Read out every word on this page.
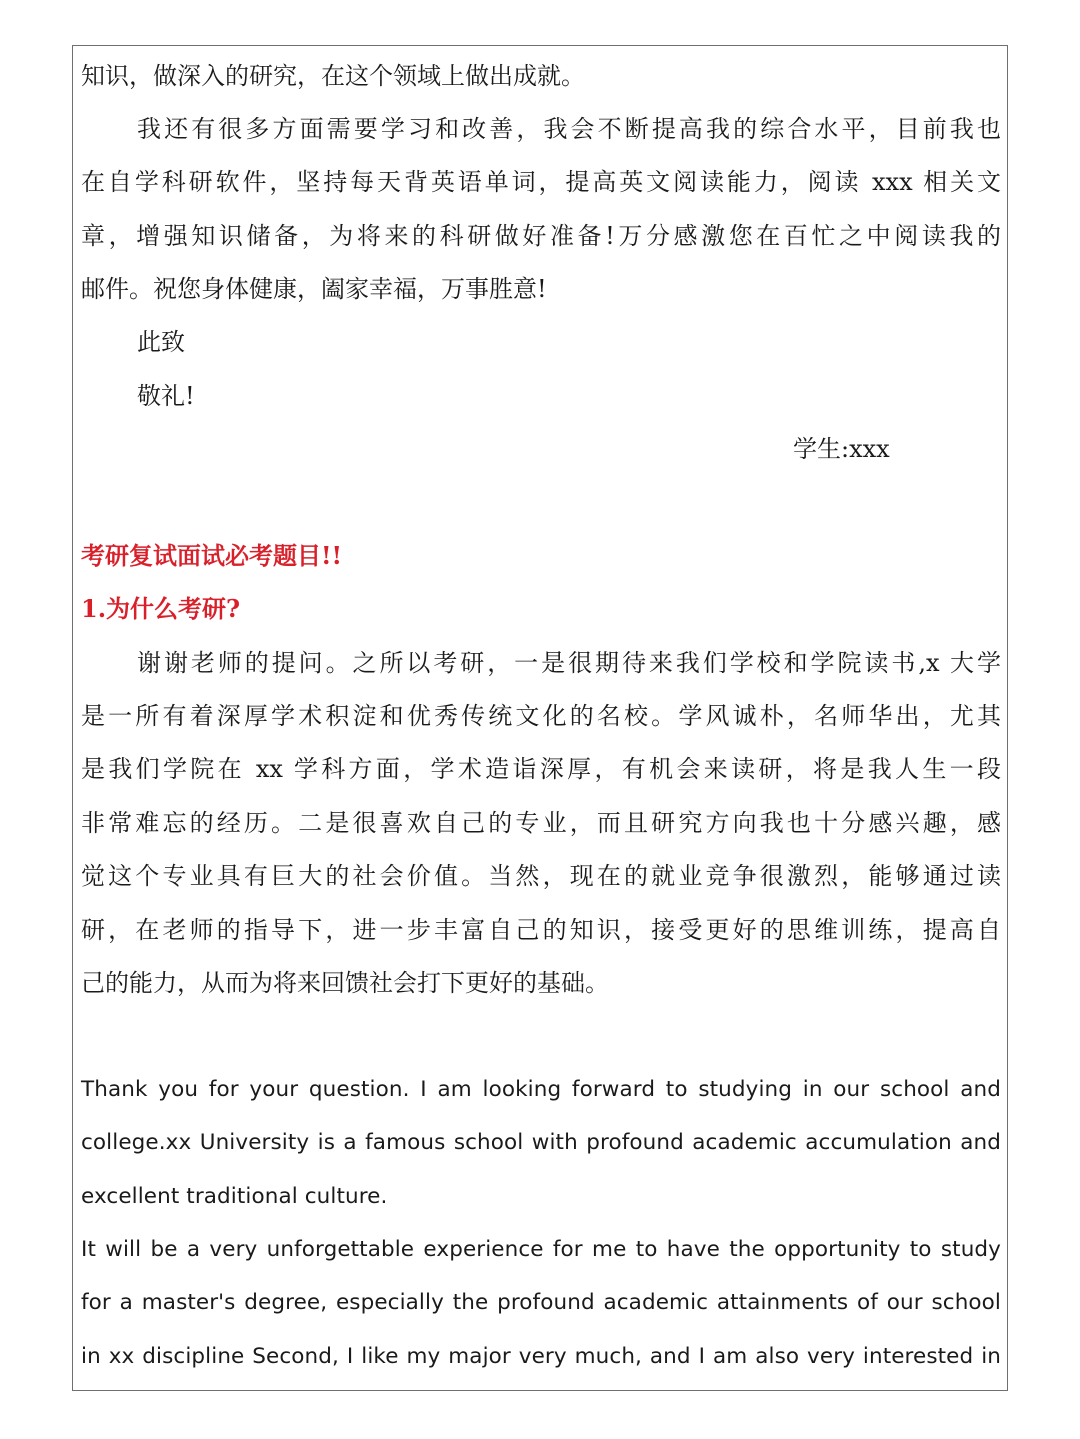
知识，做深入的研究，在这个领域上做出成就。
我还有很多方面需要学习和改善，我会不断提高我的综合水平，目前我也
在自学科研软件，坚持每天背英语单词，提高英文阅读能力，阅读 xxx 相关文
章，增强知识储备，为将来的科研做好准备!万分感激您在百忙之中阅读我的
邮件。祝您身体健康，阖家幸福，万事胜意!
此致
敬礼!
学生:xxx
考研复试面试必考题目!!
1.为什么考研?
谢谢老师的提问。之所以考研，一是很期待来我们学校和学院读书,x 大学
是一所有着深厚学术积淀和优秀传统文化的名校。学风诚朴，名师华出，尤其
是我们学院在 xx 学科方面，学术造诣深厚，有机会来读研，将是我人生一段
非常难忘的经历。二是很喜欢自己的专业，而且研究方向我也十分感兴趣，感
觉这个专业具有巨大的社会价值。当然，现在的就业竞争很激烈，能够通过读
研，在老师的指导下，进一步丰富自己的知识，接受更好的思维训练，提高自
己的能力，从而为将来回馈社会打下更好的基础。
Thank you for your question. I am looking forward to studying in our school and
college.xx University is a famous school with profound academic accumulation and
excellent traditional culture.
It will be a very unforgettable experience for me to have the opportunity to study
for a master's degree, especially the profound academic attainments of our school
in xx discipline Second, I like my major very much, and I am also very interested in
